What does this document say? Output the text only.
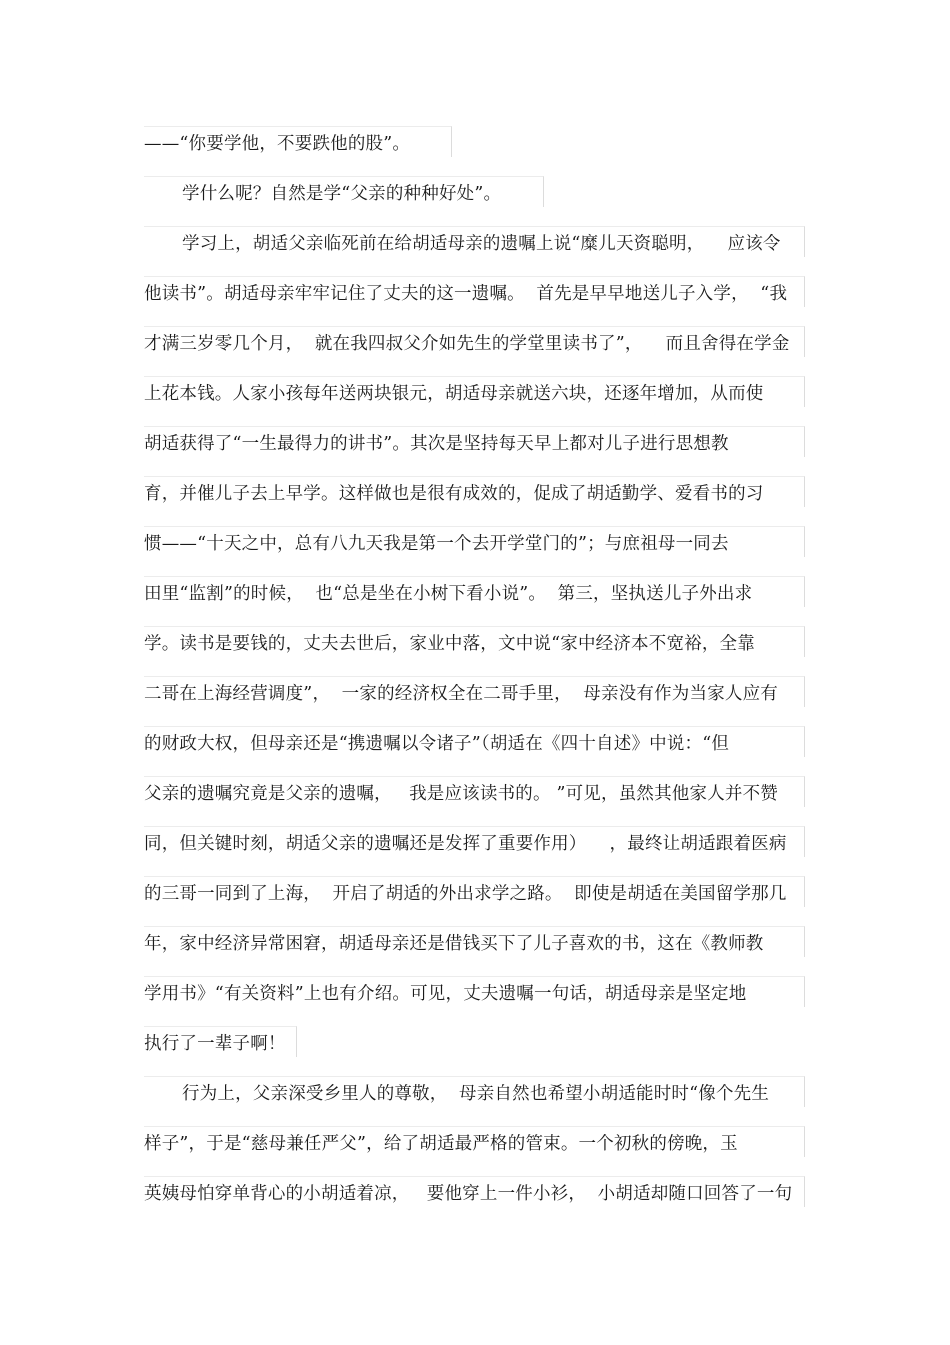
——“你要学他，不要跌他的股”。
学什么呢？自然是学“父亲的种种好处”。
学习上，胡适父亲临死前在给胡适母亲的遗嘱上说“糜儿天资聪明，    应该令
他读书”。胡适母亲牢牢记住了丈夫的这一遗嘱。  首先是早早地送儿子入学，  “我
才满三岁零几个月，  就在我四叔父介如先生的学堂里读书了”，    而且舍得在学金
上花本钱。人家小孩每年送两块银元，胡适母亲就送六块，还逐年增加，从而使
胡适获得了“一生最得力的讲书”。其次是坚持每天早上都对儿子进行思想教
育，并催儿子去上早学。这样做也是很有成效的，促成了胡适勤学、爱看书的习
惯——“十天之中，总有八九天我是第一个去开学堂门的”；与庶祖母一同去
田里“监割”的时候，  也“总是坐在小树下看小说”。  第三，坚执送儿子外出求
学。读书是要钱的，丈夫去世后，家业中落，文中说“家中经济本不宽裕，全靠
二哥在上海经营调度”，  一家的经济权全在二哥手里，  母亲没有作为当家人应有
的财政大权，但母亲还是“携遗嘱以令诸子”（胡适在《四十自述》中说：“但
父亲的遗嘱究竟是父亲的遗嘱，   我是应该读书的。 ”可见，虽然其他家人并不赞
同，但关键时刻，胡适父亲的遗嘱还是发挥了重要作用）    ，最终让胡适跟着医病
的三哥一同到了上海，  开启了胡适的外出求学之路。  即使是胡适在美国留学那几
年，家中经济异常困窘，胡适母亲还是借钱买下了儿子喜欢的书，这在《教师教
学用书》“有关资料”上也有介绍。可见，丈夫遗嘱一句话，胡适母亲是坚定地
执行了一辈子啊！
行为上，父亲深受乡里人的尊敬，  母亲自然也希望小胡适能时时“像个先生
样子”，于是“慈母兼任严父”，给了胡适最严格的管束。一个初秋的傍晚，玉
英姨母怕穿单背心的小胡适着凉，   要他穿上一件小衫，  小胡适却随口回答了一句
